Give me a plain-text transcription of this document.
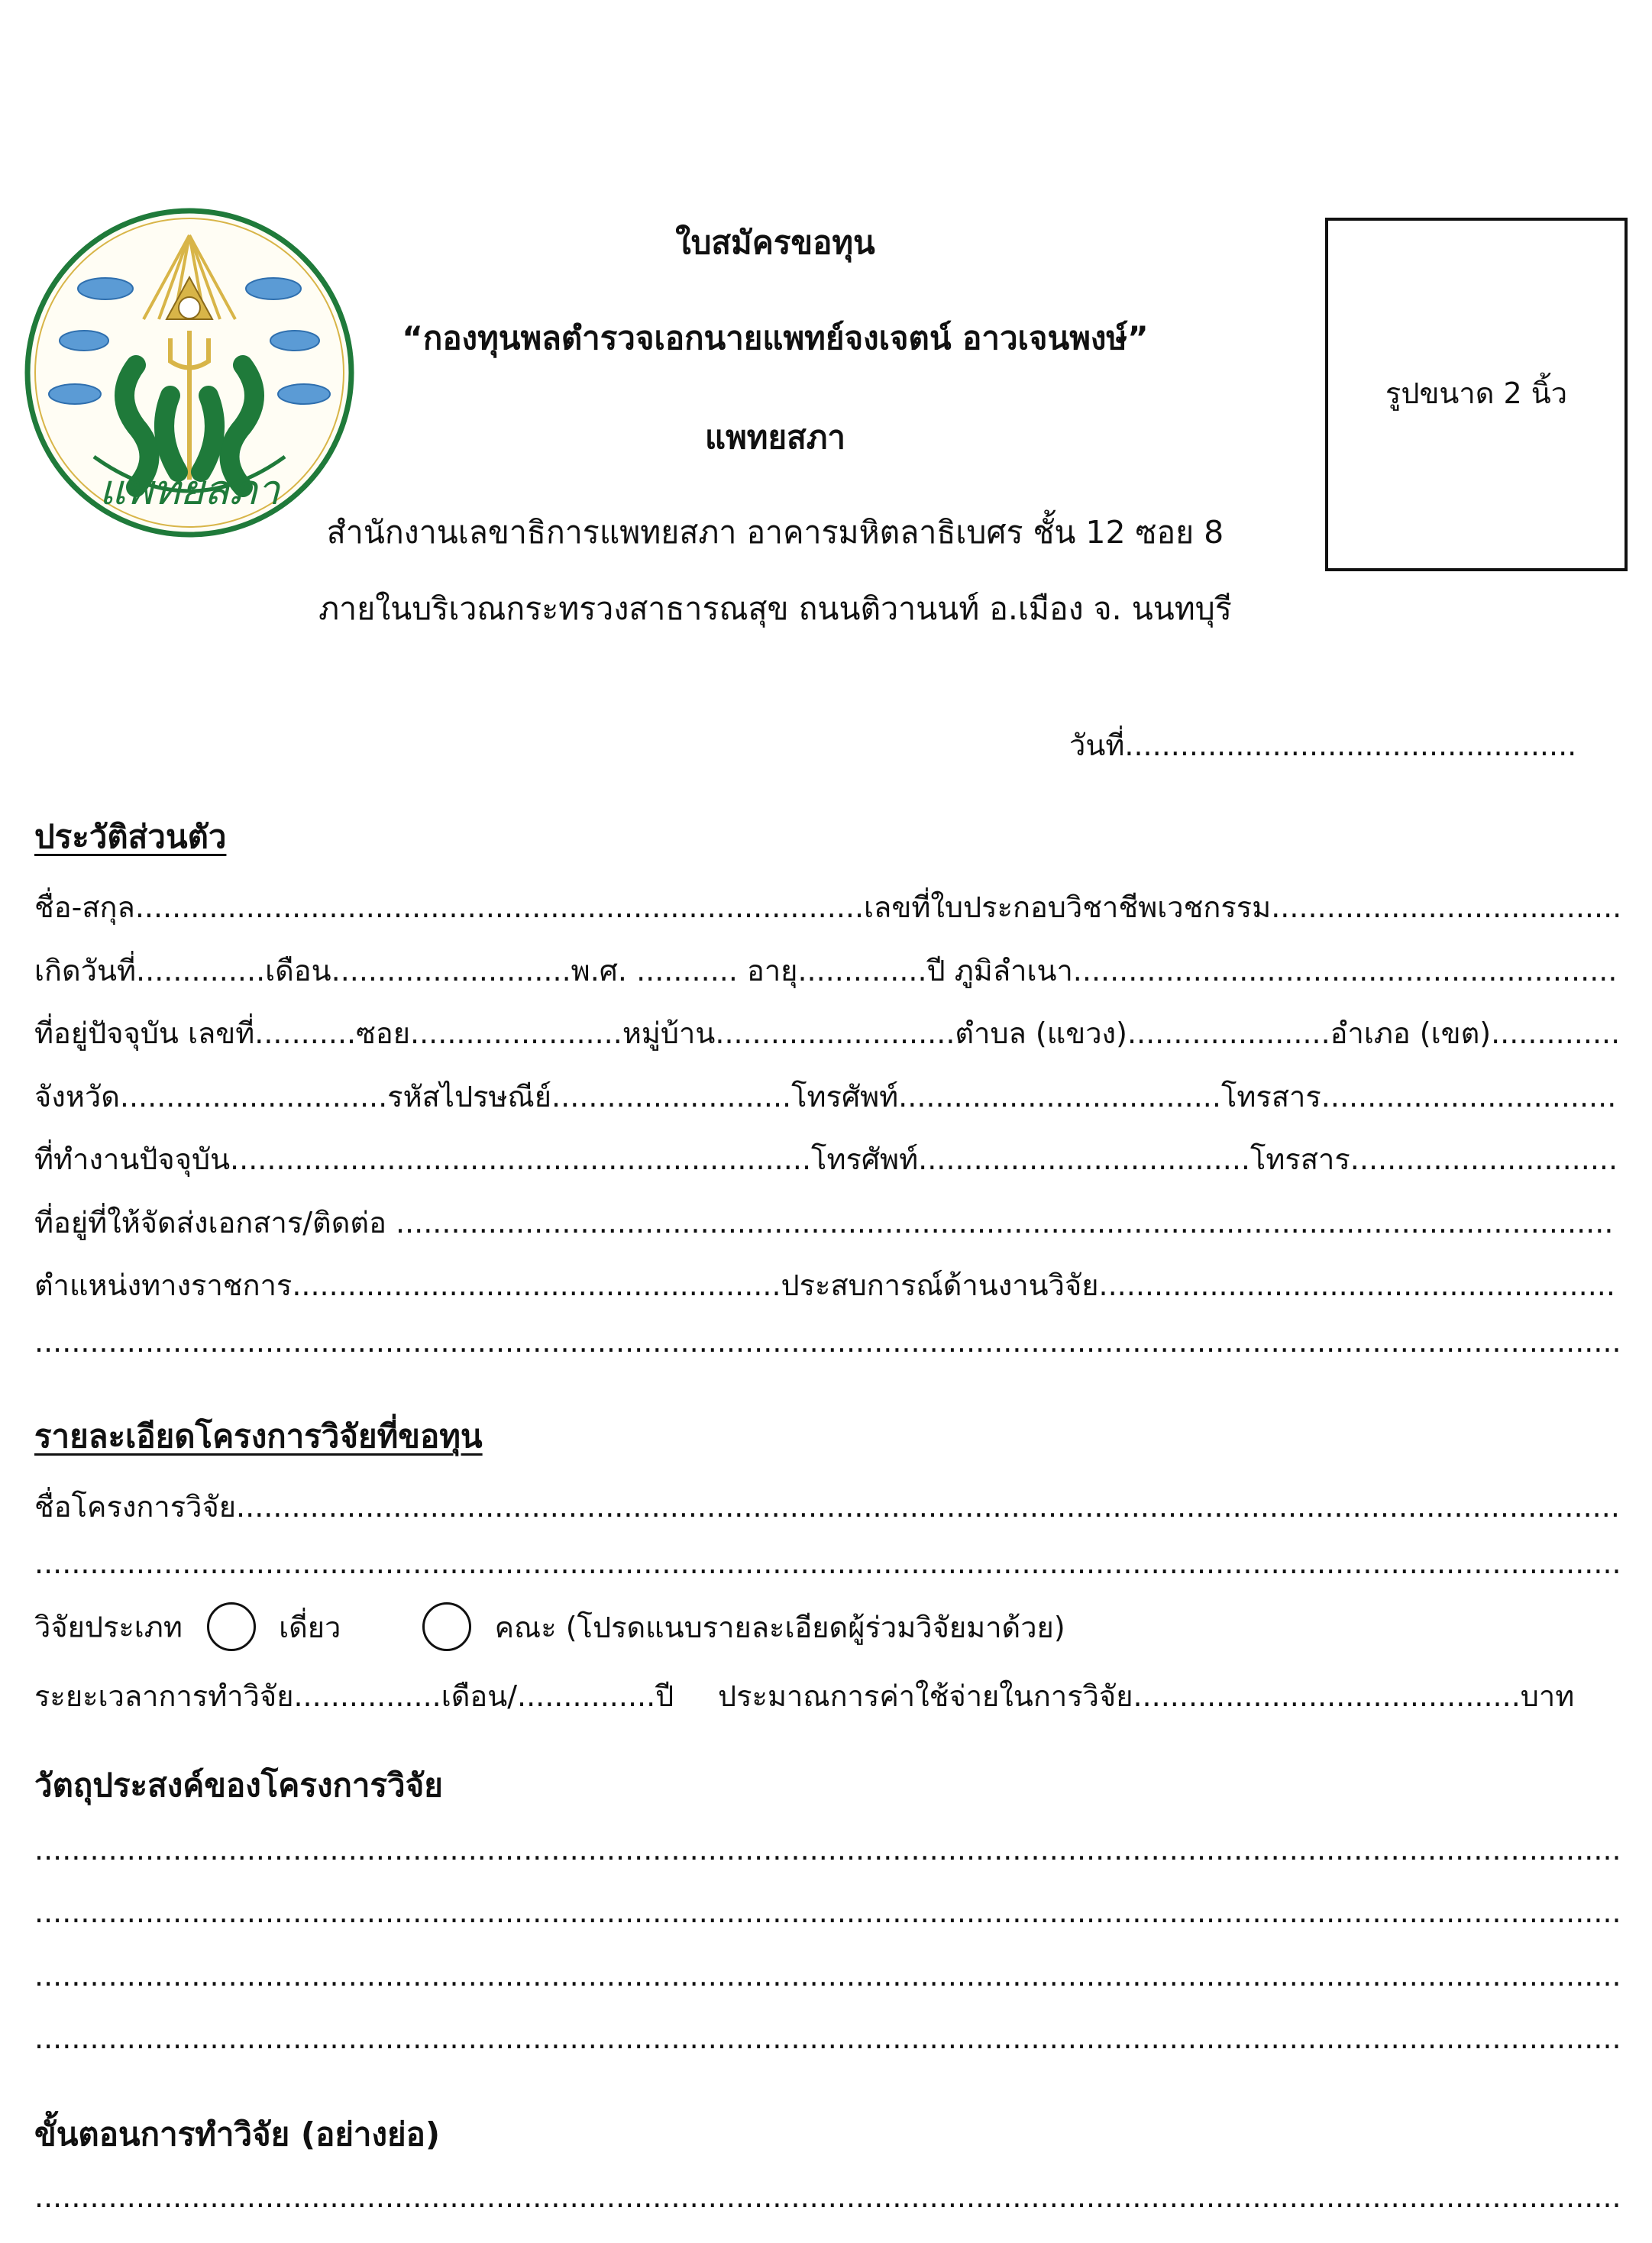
แพทยสภา
ใบสมัครขอทุน
“กองทุนพลตำรวจเอกนายแพทย์จงเจตน์ อาวเจนพงษ์”
แพทยสภา
สำนักงานเลขาธิการแพทยสภา อาคารมหิตลาธิเบศร ชั้น 12 ซอย 8
ภายในบริเวณกระทรวงสาธารณสุข ถนนติวานนท์ อ.เมือง จ. นนทบุรี
รูปขนาด 2 นิ้ว
วันที่.................................................
ประวัติส่วนตัว
ชื่อ-สกุล...............................................................................เลขที่ใบประกอบวิชาชีพเวชกรรม......................................
เกิดวันที่..............เดือน..........................พ.ศ. ........... อายุ..............ปี ภูมิลำเนา...........................................................
ที่อยู่ปัจจุบัน เลขที่...........ซอย.......................หมู่บ้าน..........................ตำบล (แขวง)......................อำเภอ (เขต)..............
จังหวัด.............................รหัสไปรษณีย์..........................โทรศัพท์...................................โทรสาร................................
ที่ทำงานปัจจุบัน...............................................................โทรศัพท์....................................โทรสาร.............................
ที่อยู่ที่ให้จัดส่งเอกสาร/ติดต่อ ....................................................................................................................................
ตำแหน่งทางราชการ.....................................................ประสบการณ์ด้านงานวิจัย........................................................
............................................................................................................................................................................
รายละเอียดโครงการวิจัยที่ขอทุน
ชื่อโครงการวิจัย......................................................................................................................................................
............................................................................................................................................................................
วิจัยประเภท	เดี่ยว	คณะ (โปรดแนบรายละเอียดผู้ร่วมวิจัยมาด้วย)
ระยะเวลาการทำวิจัย................เดือน/...............ปี ประมาณการค่าใช้จ่ายในการวิจัย..........................................บาท
วัตถุประสงค์ของโครงการวิจัย
............................................................................................................................................................................
............................................................................................................................................................................
............................................................................................................................................................................
............................................................................................................................................................................
ขั้นตอนการทำวิจัย (อย่างย่อ)
............................................................................................................................................................................
